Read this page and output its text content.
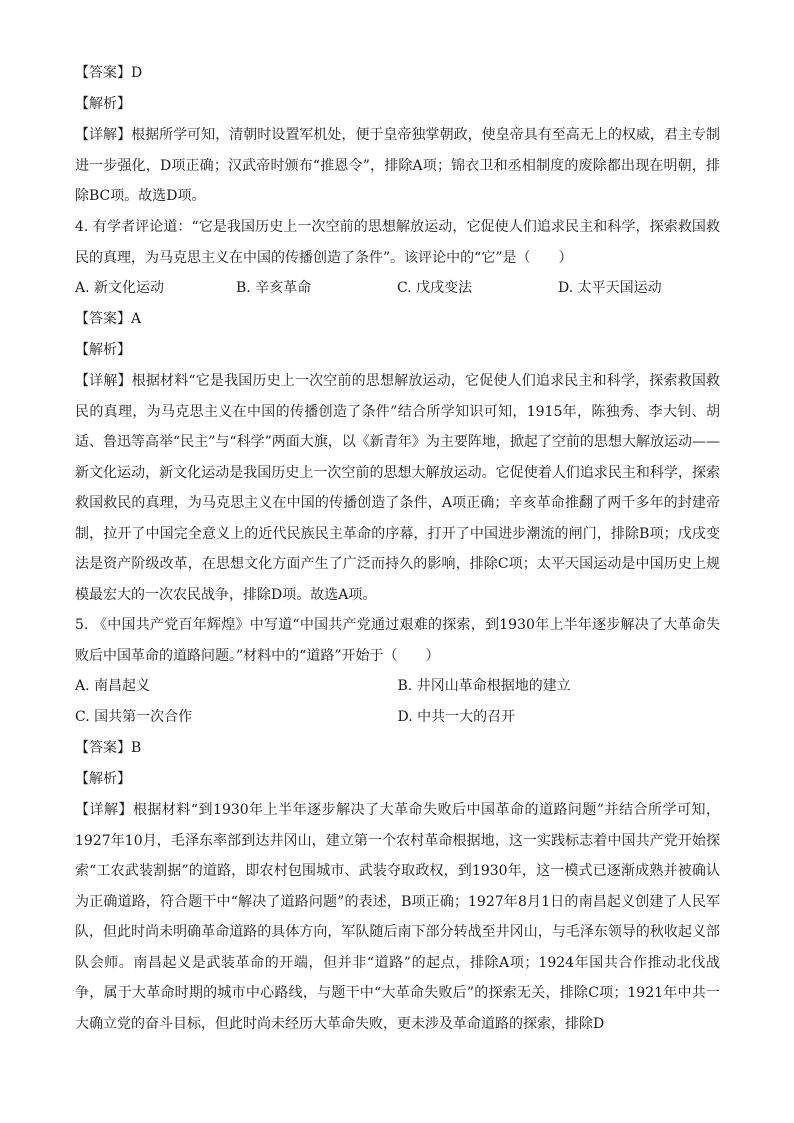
【答案】D
【解析】
【详解】根据所学可知，清朝时设置军机处，便于皇帝独掌朝政，使皇帝具有至高无上的权威，君主专制进一步强化，D项正确；汉武帝时颁布“推恩令”，排除A项；锦衣卫和丞相制度的废除都出现在明朝，排除BC项。故选D项。
4. 有学者评论道：“它是我国历史上一次空前的思想解放运动，它促使人们追求民主和科学，探索救国救民的真理，为马克思主义在中国的传播创造了条件”。该评论中的“它”是（　　）
A. 新文化运动	B. 辛亥革命	C. 戊戌变法	D. 太平天国运动
【答案】A
【解析】
【详解】根据材料“它是我国历史上一次空前的思想解放运动，它促使人们追求民主和科学，探索救国救民的真理，为马克思主义在中国的传播创造了条件”结合所学知识可知，1915年，陈独秀、李大钊、胡适、鲁迅等高举“民主”与“科学”两面大旗，以《新青年》为主要阵地，掀起了空前的思想大解放运动——新文化运动，新文化运动是我国历史上一次空前的思想大解放运动。它促使着人们追求民主和科学，探索救国救民的真理，为马克思主义在中国的传播创造了条件，A项正确；辛亥革命推翻了两千多年的封建帝制，拉开了中国完全意义上的近代民族民主革命的序幕，打开了中国进步潮流的闸门，排除B项；戊戌变法是资产阶级改革，在思想文化方面产生了广泛而持久的影响，排除C项；太平天国运动是中国历史上规模最宏大的一次农民战争，排除D项。故选A项。
5. 《中国共产党百年辉煌》中写道“中国共产党通过艰难的探索，到1930年上半年逐步解决了大革命失败后中国革命的道路问题。”材料中的“道路”开始于（　　）
A. 南昌起义	B. 井冈山革命根据地的建立
C. 国共第一次合作	D. 中共一大的召开
【答案】B
【解析】
【详解】根据材料“到1930年上半年逐步解决了大革命失败后中国革命的道路问题”并结合所学可知，1927年10月，毛泽东率部到达井冈山，建立第一个农村革命根据地，这一实践标志着中国共产党开始探索“工农武装割据”的道路，即农村包围城市、武装夺取政权，到1930年，这一模式已逐渐成熟并被确认为正确道路，符合题干中“解决了道路问题”的表述，B项正确；1927年8月1日的南昌起义创建了人民军队，但此时尚未明确革命道路的具体方向，军队随后南下部分转战至井冈山，与毛泽东领导的秋收起义部队会师。南昌起义是武装革命的开端，但并非“道路”的起点，排除A项；1924年国共合作推动北伐战争，属于大革命时期的城市中心路线，与题干中“大革命失败后”的探索无关，排除C项；1921年中共一大确立党的奋斗目标，但此时尚未经历大革命失败，更未涉及革命道路的探索，排除D
